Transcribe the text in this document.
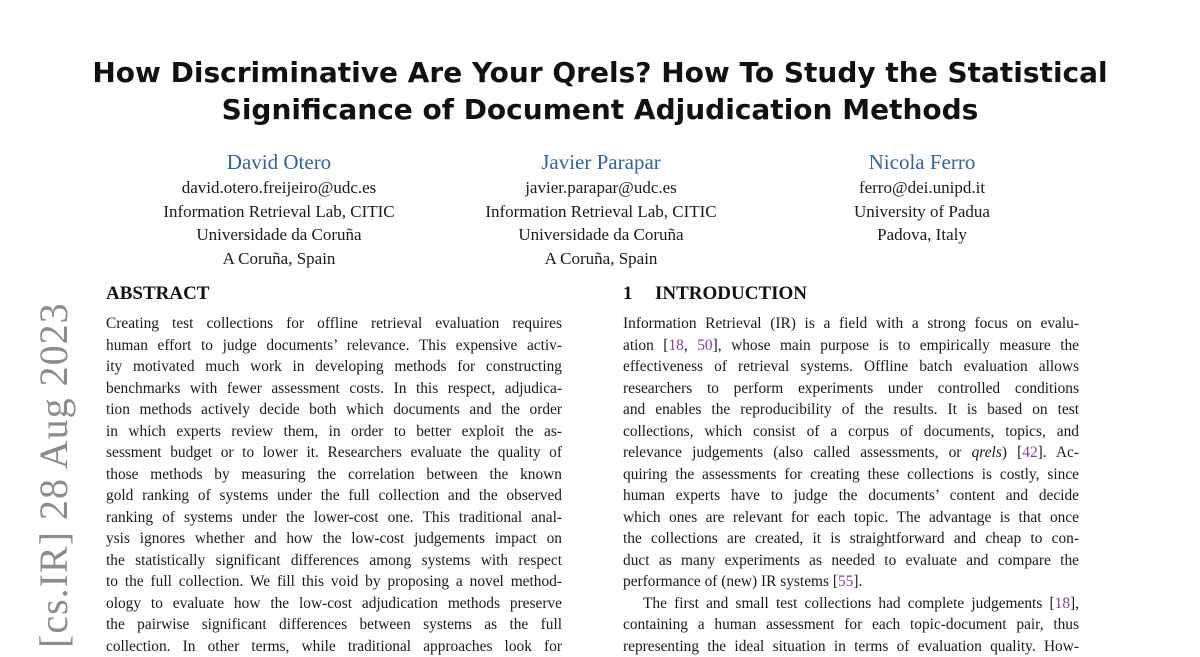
How Discriminative Are Your Qrels? How To Study the Statistical
Significance of Document Adjudication Methods
David Otero
david.otero.freijeiro@udc.es
Information Retrieval Lab, CITIC
Universidade da Coruña
A Coruña, Spain
Javier Parapar
javier.parapar@udc.es
Information Retrieval Lab, CITIC
Universidade da Coruña
A Coruña, Spain
Nicola Ferro
ferro@dei.unipd.it
University of Padua
Padova, Italy
[cs.IR] 28 Aug 2023
ABSTRACT
Creating test collections for offline retrieval evaluation requires
human effort to judge documents’ relevance. This expensive activ-
ity motivated much work in developing methods for constructing
benchmarks with fewer assessment costs. In this respect, adjudica-
tion methods actively decide both which documents and the order
in which experts review them, in order to better exploit the as-
sessment budget or to lower it. Researchers evaluate the quality of
those methods by measuring the correlation between the known
gold ranking of systems under the full collection and the observed
ranking of systems under the lower-cost one. This traditional anal-
ysis ignores whether and how the low-cost judgements impact on
the statistically significant differences among systems with respect
to the full collection. We fill this void by proposing a novel method-
ology to evaluate how the low-cost adjudication methods preserve
the pairwise significant differences between systems as the full
collection. In other terms, while traditional approaches look for
1 INTRODUCTION
Information Retrieval (IR) is a field with a strong focus on evalu-
ation [18, 50], whose main purpose is to empirically measure the
effectiveness of retrieval systems. Offline batch evaluation allows
researchers to perform experiments under controlled conditions
and enables the reproducibility of the results. It is based on test
collections, which consist of a corpus of documents, topics, and
relevance judgements (also called assessments, or qrels) [42]. Ac-
quiring the assessments for creating these collections is costly, since
human experts have to judge the documents’ content and decide
which ones are relevant for each topic. The advantage is that once
the collections are created, it is straightforward and cheap to con-
duct as many experiments as needed to evaluate and compare the
performance of (new) IR systems [55].
The first and small test collections had complete judgements [18],
containing a human assessment for each topic-document pair, thus
representing the ideal situation in terms of evaluation quality. How-
